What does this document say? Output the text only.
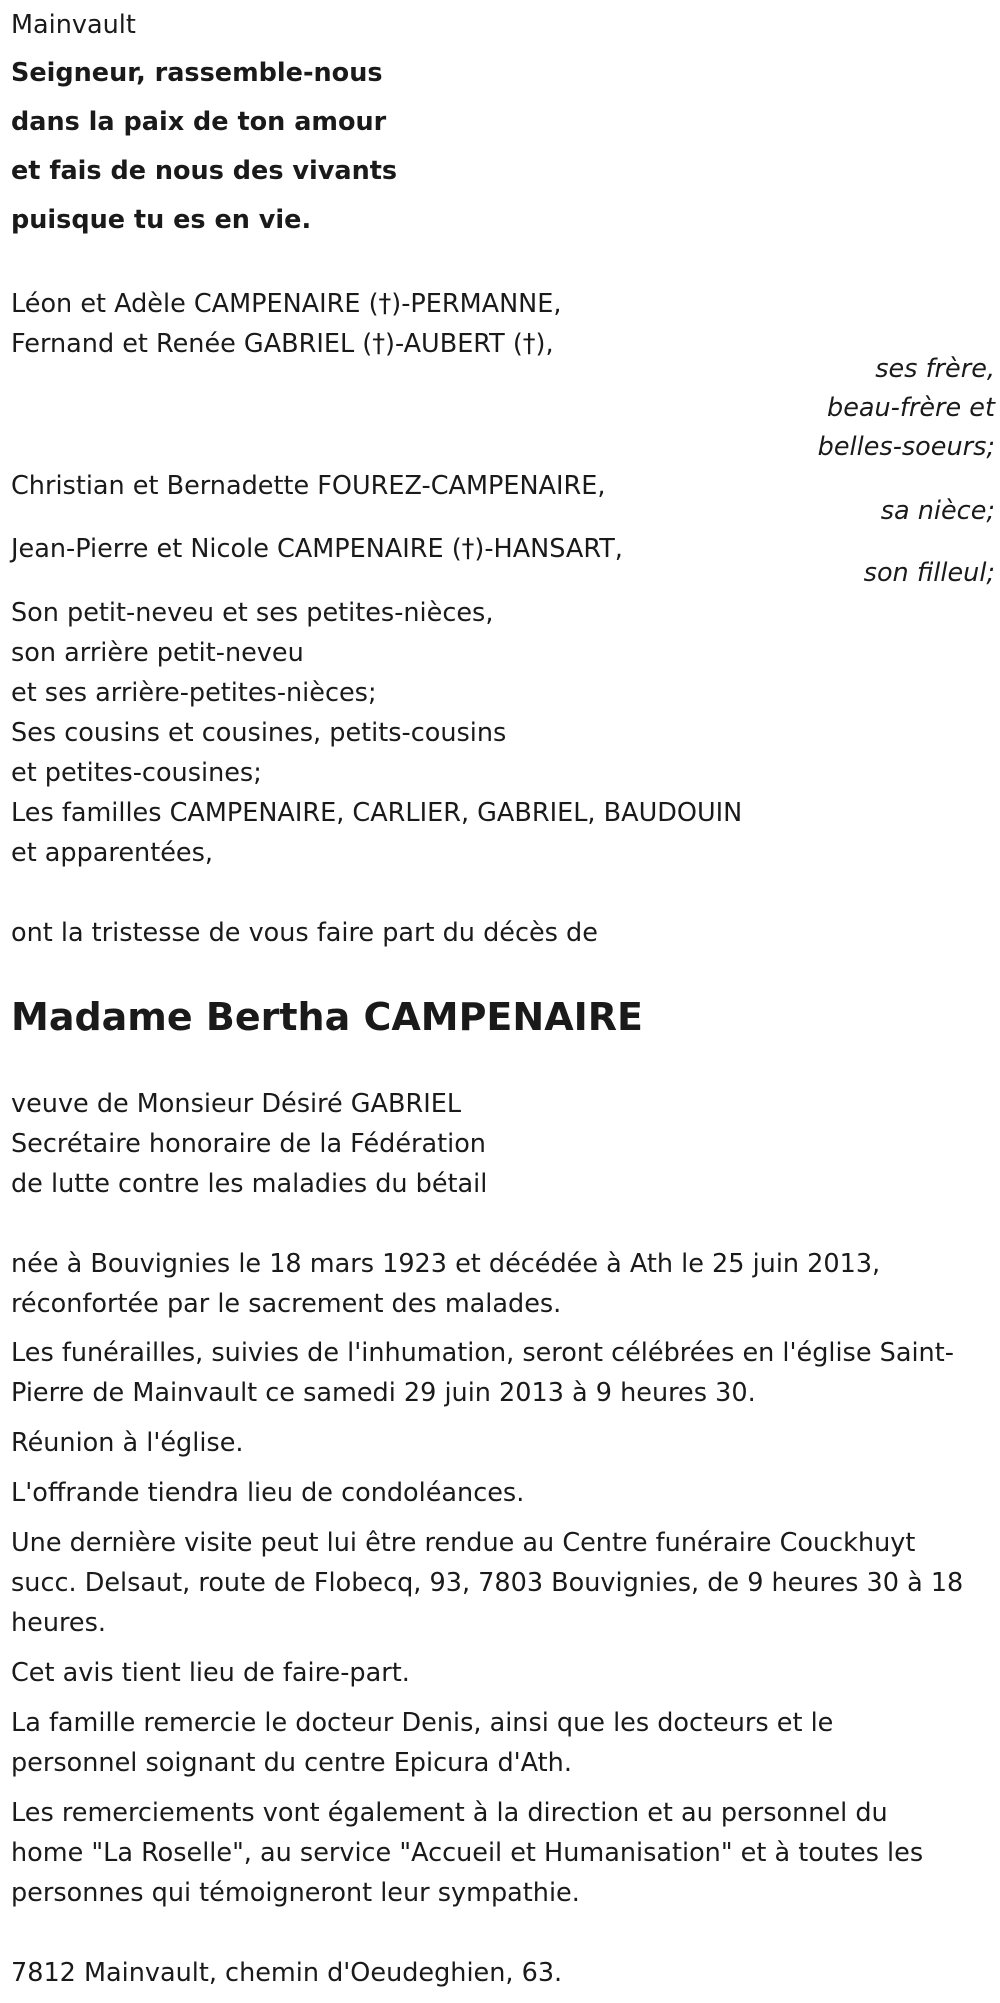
Mainvault
Seigneur, rassemble-nous
dans la paix de ton amour
et fais de nous des vivants
puisque tu es en vie.
Léon et Adèle CAMPENAIRE (†)-PERMANNE,
Fernand et Renée GABRIEL (†)-AUBERT (†),
ses frère,
beau-frère et
belles-soeurs;
Christian et Bernadette FOUREZ-CAMPENAIRE,
sa nièce;
Jean-Pierre et Nicole CAMPENAIRE (†)-HANSART,
son filleul;
Son petit-neveu et ses petites-nièces,
son arrière petit-neveu
et ses arrière-petites-nièces;
Ses cousins et cousines, petits-cousins
et petites-cousines;
Les familles CAMPENAIRE, CARLIER, GABRIEL, BAUDOUIN
et apparentées,
ont la tristesse de vous faire part du décès de
Madame Bertha CAMPENAIRE
veuve de Monsieur Désiré GABRIEL
Secrétaire honoraire de la Fédération
de lutte contre les maladies du bétail
née à Bouvignies le 18 mars 1923 et décédée à Ath le 25 juin 2013,
réconfortée par le sacrement des malades.
Les funérailles, suivies de l'inhumation, seront célébrées en l'église Saint-
Pierre de Mainvault ce samedi 29 juin 2013 à 9 heures 30.
Réunion à l'église.
L'offrande tiendra lieu de condoléances.
Une dernière visite peut lui être rendue au Centre funéraire Couckhuyt
succ. Delsaut, route de Flobecq, 93, 7803 Bouvignies, de 9 heures 30 à 18
heures.
Cet avis tient lieu de faire-part.
La famille remercie le docteur Denis, ainsi que les docteurs et le
personnel soignant du centre Epicura d'Ath.
Les remerciements vont également à la direction et au personnel du
home "La Roselle", au service "Accueil et Humanisation" et à toutes les
personnes qui témoigneront leur sympathie.
7812 Mainvault, chemin d'Oeudeghien, 63.
